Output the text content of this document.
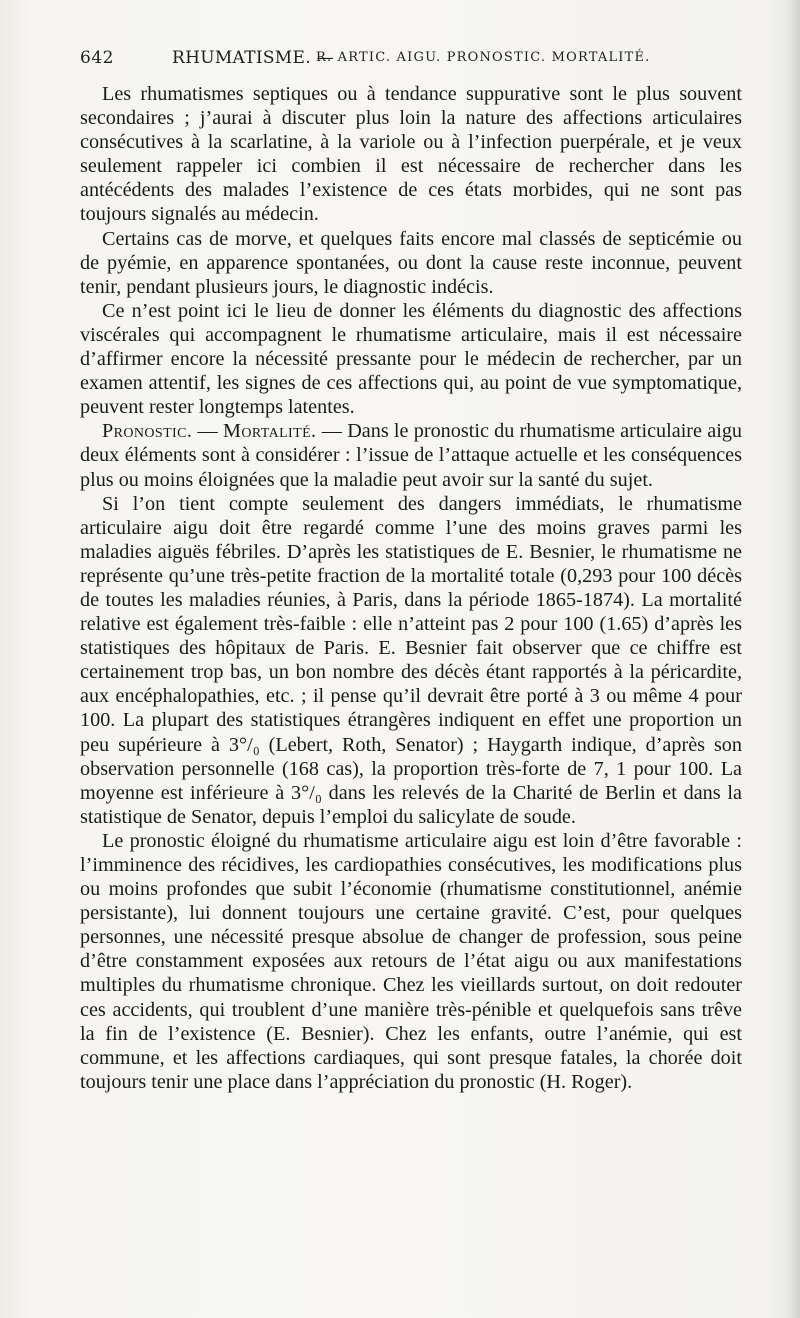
642	RHUMATISME. —
R. ARTIC. AIGU. PRONOSTIC. MORTALITÉ.

Les rhumatismes septiques ou à tendance suppurative sont le plus souvent secondaires ; j’aurai à discuter plus loin la nature des affections articulaires consécutives à la scarlatine, à la variole ou à l’infection puerpérale, et je veux seulement rappeler ici combien il est nécessaire de rechercher dans les antécédents des malades l’existence de ces états morbides, qui ne sont pas toujours signalés au médecin.

Certains cas de morve, et quelques faits encore mal classés de septicémie ou de pyémie, en apparence spontanées, ou dont la cause reste inconnue, peuvent tenir, pendant plusieurs jours, le diagnostic indécis.

Ce n’est point ici le lieu de donner les éléments du diagnostic des affections viscérales qui accompagnent le rhumatisme articulaire, mais il est nécessaire d’affirmer encore la nécessité pressante pour le médecin de rechercher, par un examen attentif, les signes de ces affections qui, au point de vue symptomatique, peuvent rester longtemps latentes.

Pronostic. — Mortalité. — Dans le pronostic du rhumatisme articulaire aigu deux éléments sont à considérer : l’issue de l’attaque actuelle et les conséquences plus ou moins éloignées que la maladie peut avoir sur la santé du sujet.

Si l’on tient compte seulement des dangers immédiats, le rhumatisme articulaire aigu doit être regardé comme l’une des moins graves parmi les maladies aiguës fébriles. D’après les statistiques de E. Besnier, le rhumatisme ne représente qu’une très-petite fraction de la mortalité totale (0,293 pour 100 décès de toutes les maladies réunies, à Paris, dans la période 1865-1874). La mortalité relative est également très-faible : elle n’atteint pas 2 pour 100 (1.65) d’après les statistiques des hôpitaux de Paris. E. Besnier fait observer que ce chiffre est certainement trop bas, un bon nombre des décès étant rapportés à la péricardite, aux encéphalopathies, etc. ; il pense qu’il devrait être porté à 3 ou même 4 pour 100. La plupart des statistiques étrangères indiquent en effet une proportion un peu supérieure à 3°/₀ (Lebert, Roth, Senator) ; Haygarth indique, d’après son observation personnelle (168 cas), la proportion très-forte de 7, 1 pour 100. La moyenne est inférieure à 3°/₀ dans les relevés de la Charité de Berlin et dans la statistique de Senator, depuis l’emploi du salicylate de soude.

Le pronostic éloigné du rhumatisme articulaire aigu est loin d’être favorable : l’imminence des récidives, les cardiopathies consécutives, les modifications plus ou moins profondes que subit l’économie (rhumatisme constitutionnel, anémie persistante), lui donnent toujours une certaine gravité. C’est, pour quelques personnes, une nécessité presque absolue de changer de profession, sous peine d’être constamment exposées aux retours de l’état aigu ou aux manifestations multiples du rhumatisme chronique. Chez les vieillards surtout, on doit redouter ces accidents, qui troublent d’une manière très-pénible et quelquefois sans trêve la fin de l’existence (E. Besnier). Chez les enfants, outre l’anémie, qui est commune, et les affections cardiaques, qui sont presque fatales, la chorée doit toujours tenir une place dans l’appréciation du pronostic (H. Roger).
